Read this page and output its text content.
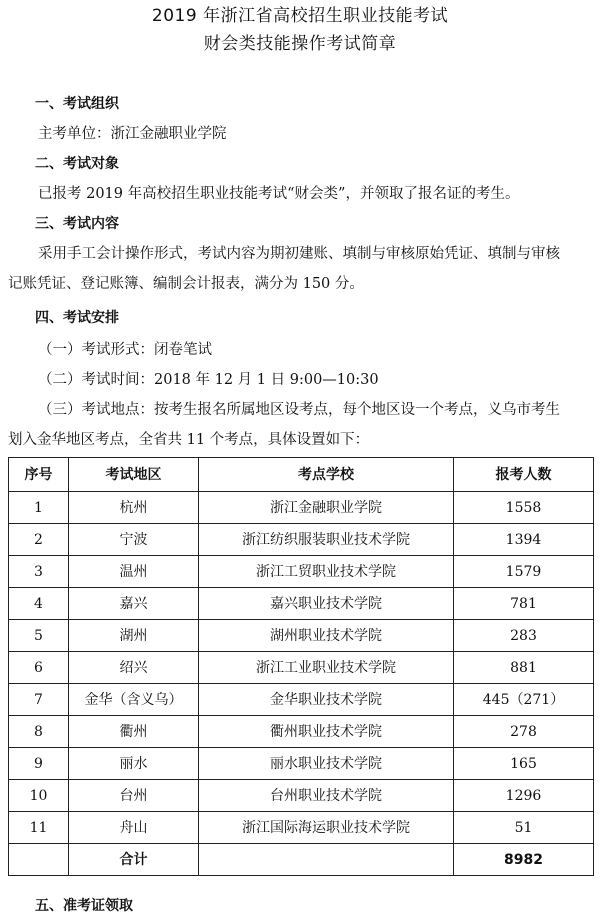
2019 年浙江省高校招生职业技能考试
财会类技能操作考试简章
一、考试组织
主考单位：浙江金融职业学院
二、考试对象
已报考 2019 年高校招生职业技能考试“财会类”，并领取了报名证的考生。
三、考试内容
采用手工会计操作形式，考试内容为期初建账、填制与审核原始凭证、填制与审核
记账凭证、登记账簿、编制会计报表，满分为 150 分。
四、考试安排
（一）考试形式：闭卷笔试
（二）考试时间：2018 年 12 月 1 日 9:00—10:30
（三）考试地点：按考生报名所属地区设考点，每个地区设一个考点，义乌市考生
划入金华地区考点，全省共 11 个考点，具体设置如下：
序号	考试地区	考点学校	报考人数
1	杭州	浙江金融职业学院	1558
2	宁波	浙江纺织服装职业技术学院	1394
3	温州	浙江工贸职业技术学院	1579
4	嘉兴	嘉兴职业技术学院	781
5	湖州	湖州职业技术学院	283
6	绍兴	浙江工业职业技术学院	881
7	金华（含义乌）	金华职业技术学院	445（271）
8	衢州	衢州职业技术学院	278
9	丽水	丽水职业技术学院	165
10	台州	台州职业技术学院	1296
11	舟山	浙江国际海运职业技术学院	51
	合计		8982
五、准考证领取
